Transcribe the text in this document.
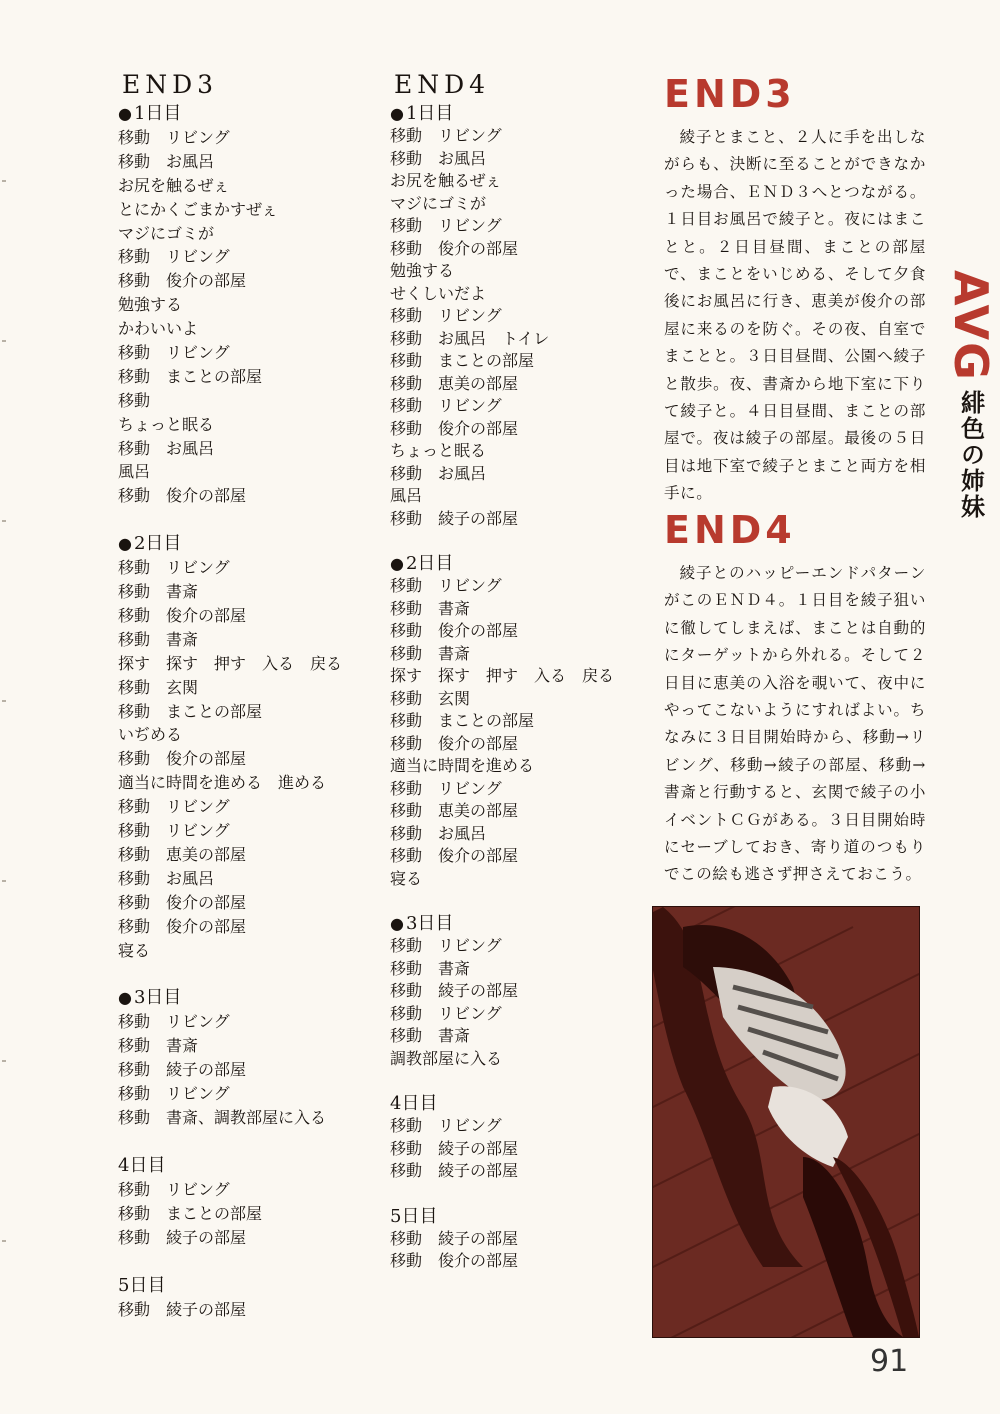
END3
● 1日目
移動　リビング
移動　お風呂
お尻を触るぜぇ
とにかくごまかすぜぇ
マジにゴミが
移動　リビング
移動　俊介の部屋
勉強する
かわいいよ
移動　リビング
移動　まことの部屋
移動
ちょっと眠る
移動　お風呂
風呂
移動　俊介の部屋
● 2日目
移動　リビング
移動　書斎
移動　俊介の部屋
移動　書斎
探す　探す　押す　入る　戻る
移動　玄関
移動　まことの部屋
いぢめる
移動　俊介の部屋
適当に時間を進める　進める
移動　リビング
移動　リビング
移動　恵美の部屋
移動　お風呂
移動　俊介の部屋
移動　俊介の部屋
寝る
● 3日目
移動　リビング
移動　書斎
移動　綾子の部屋
移動　リビング
移動　書斎、調教部屋に入る
4日目
移動　リビング
移動　まことの部屋
移動　綾子の部屋
5日目
移動　綾子の部屋
END4
● 1日目
移動　リビング
移動　お風呂
お尻を触るぜぇ
マジにゴミが
移動　リビング
移動　俊介の部屋
勉強する
せくしいだよ
移動　リビング
移動　お風呂　トイレ
移動　まことの部屋
移動　恵美の部屋
移動　リビング
移動　俊介の部屋
ちょっと眠る
移動　お風呂
風呂
移動　綾子の部屋
● 2日目
移動　リビング
移動　書斎
移動　俊介の部屋
移動　書斎
探す　探す　押す　入る　戻る
移動　玄関
移動　まことの部屋
移動　俊介の部屋
適当に時間を進める
移動　リビング
移動　恵美の部屋
移動　お風呂
移動　俊介の部屋
寝る
● 3日目
移動　リビング
移動　書斎
移動　綾子の部屋
移動　リビング
移動　書斎
調教部屋に入る
4日目
移動　リビング
移動　綾子の部屋
移動　綾子の部屋
5日目
移動　綾子の部屋
移動　俊介の部屋
END3
綾子とまこと、２人に手を出しながらも、決断に至ることができなかった場合、ＥＮＤ３へとつながる。１日目お風呂で綾子と。夜にはまことと。２日目昼間、まことの部屋で、まことをいじめる、そして夕食後にお風呂に行き、恵美が俊介の部屋に来るのを防ぐ。その夜、自室でまことと。３日目昼間、公園へ綾子と散歩。夜、書斎から地下室に下りて綾子と。４日目昼間、まことの部屋で。夜は綾子の部屋。最後の５日目は地下室で綾子とまこと両方を相手に。
END4
綾子とのハッピーエンドパターンがこのＥＮＤ４。１日目を綾子狙いに徹してしまえば、まことは自動的にターゲットから外れる。そして２日目に恵美の入浴を覗いて、夜中にやってこないようにすればよい。ちなみに３日目開始時から、移動→リビング、移動→綾子の部屋、移動→書斎と行動すると、玄関で綾子の小イベントＣＧがある。３日目開始時にセーブしておき、寄り道のつもりでこの絵も逃さず押さえておこう。
AVG
緋色の姉妹
91
